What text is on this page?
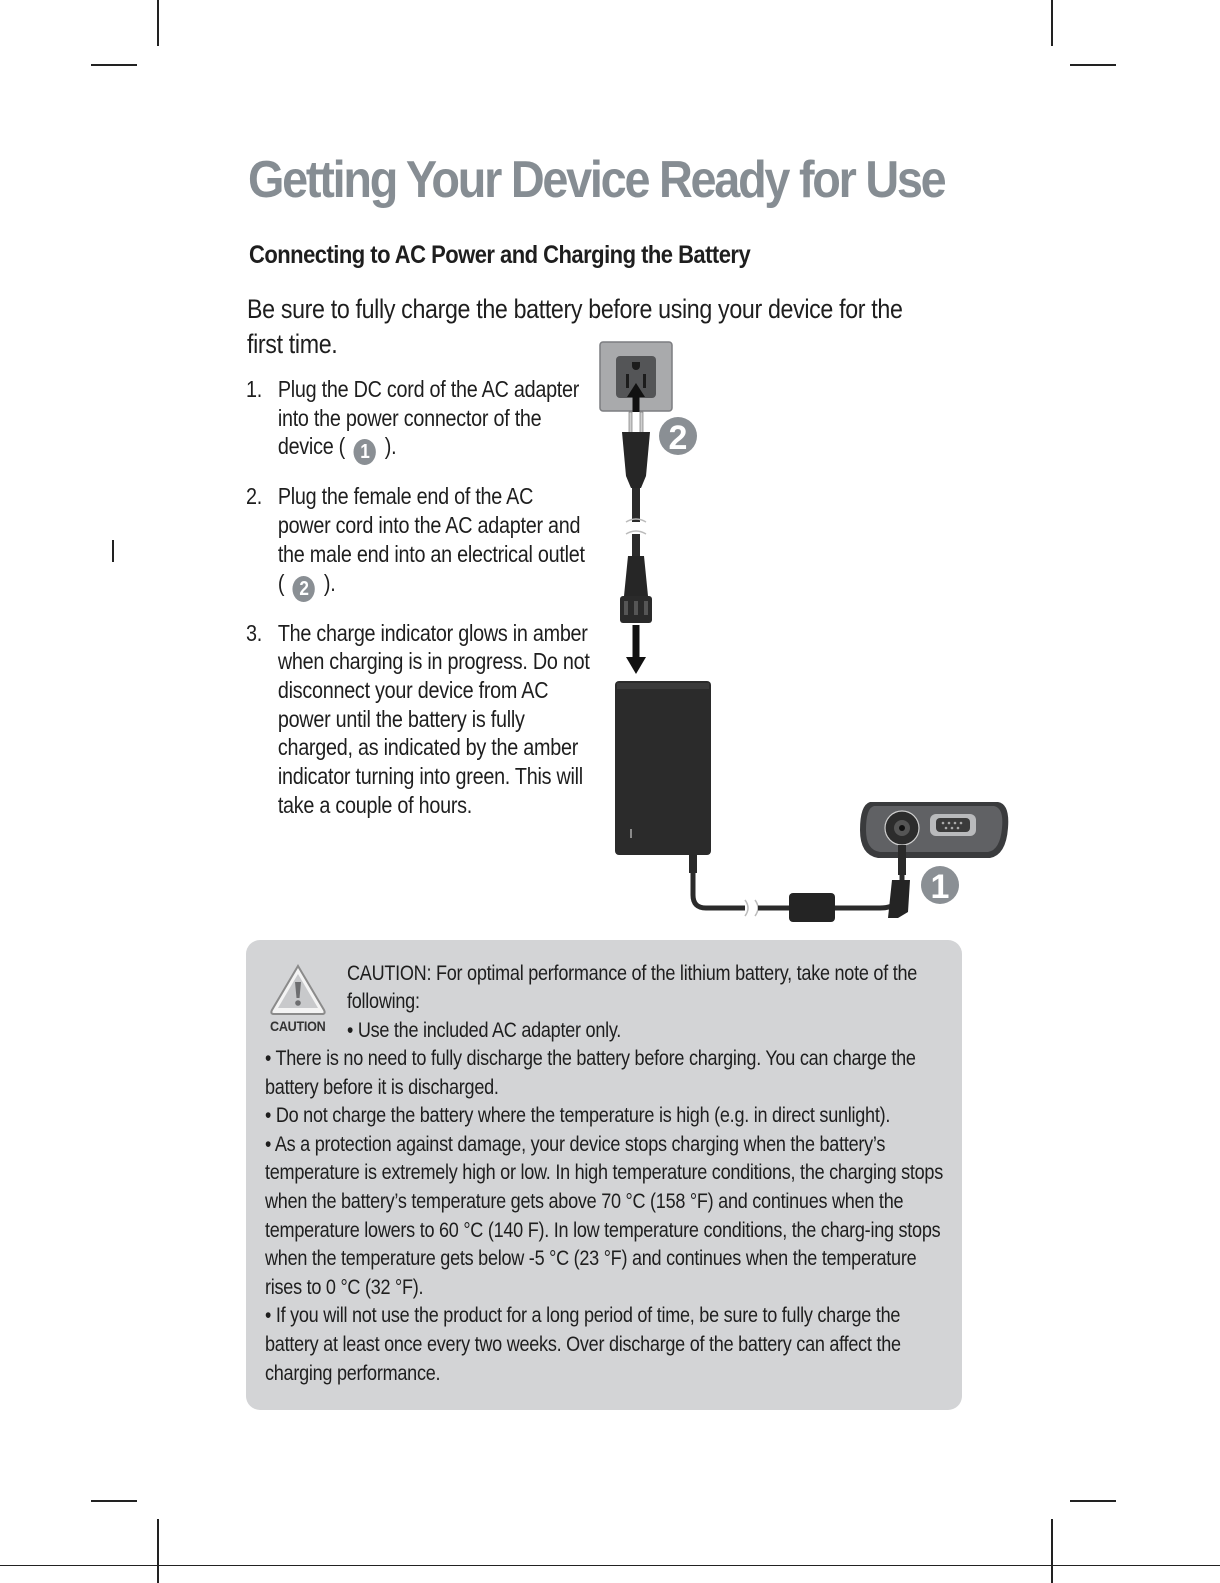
Getting Your Device Ready for Use
Connecting to AC Power and Charging the Battery

Be sure to fully charge the battery before using your device for the first time.

1. Plug the DC cord of the AC adapter into the power connector of the device ( 1 ).
2. Plug the female end of the AC power cord into the AC adapter and the male end into an electrical outlet ( 2 ).
3. The charge indicator glows in amber when charging is in progress. Do not disconnect your device from AC power until the battery is fully charged, as indicated by the amber indicator turning into green. This will take a couple of hours.
2
1
CAUTION
CAUTION: For optimal performance of the lithium battery, take note of the
following:
• Use the included AC adapter only.

• There is no need to fully discharge the battery before charging. You can charge the battery before it is discharged.

• Do not charge the battery where the temperature is high (e.g. in direct sunlight).

• As a protection against damage, your device stops charging when the battery’s temperature is extremely high or low. In high temperature conditions, the charging stops when the battery’s temperature gets above 70 °C (158 °F) and continues when the temperature lowers to 60 °C (140 F). In low temperature conditions, the charg-ing stops when the temperature gets below -5 °C (23 °F) and continues when the temperature rises to 0 °C (32 °F).

• If you will not use the product for a long period of time, be sure to fully charge the battery at least once every two weeks. Over discharge of the battery can affect the charging performance.
